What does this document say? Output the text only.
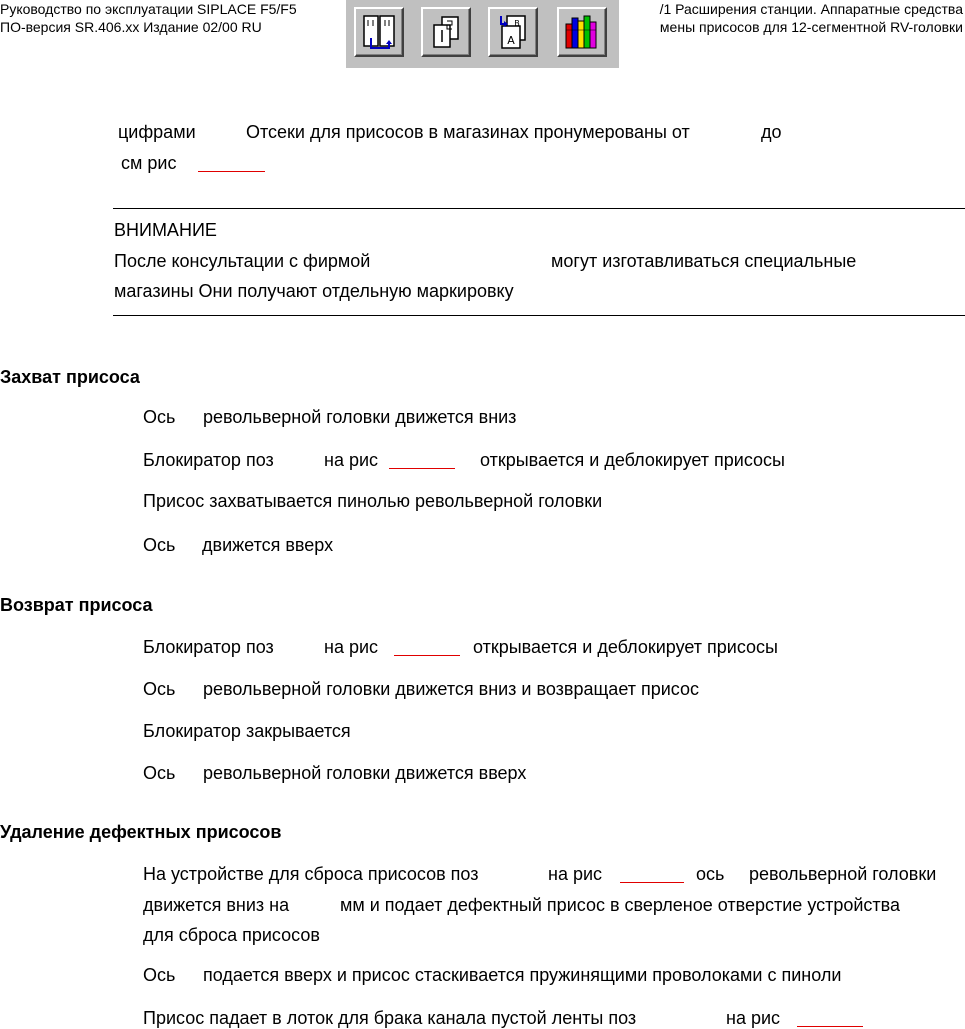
Руководство по эксплуатации SIPLACE F5/F5
ПО-версия SR.406.xx Издание 02/00 RU
/1 Расширения станции. Аппаратные средства
мены присосов для 12-сегментной RV-головки
A
B
цифрами	Отсеки для присосов в магазинах пронумерованы от	до
см рис
ВНИМАНИЕ
После консультации с фирмой	могут изготавливаться специальные
магазины Они получают отдельную маркировку
Захват присоса
Ось револьверной головки движется вниз
Блокиратор поз	на рис	открывается и деблокирует присосы
Присос захватывается пинолью револьверной головки
Ось движется вверх
Возврат присоса
Блокиратор поз	на рис	открывается и деблокирует присосы
Ось револьверной головки движется вниз и возвращает присос
Блокиратор закрывается
Ось револьверной головки движется вверх
Удаление дефектных присосов
На устройстве для сброса присосов поз	на рис	ось револьверной головки
движется вниз на	мм и подает дефектный присос в сверленое отверстие устройства
для сброса присосов
Ось подается вверх и присос стаскивается пружинящими проволоками с пиноли
Присос падает в лоток для брака канала пустой ленты поз	на рис
